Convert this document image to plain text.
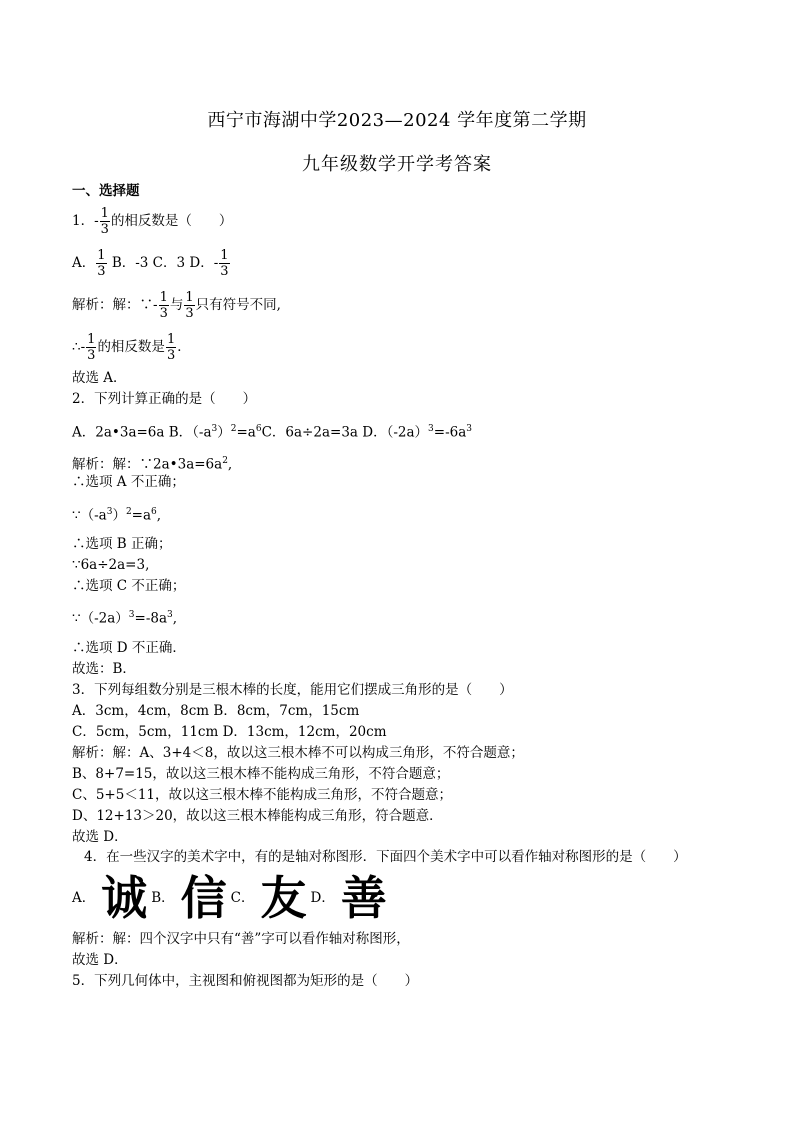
西宁市海湖中学2023—2024 学年度第二学期
九年级数学开学考答案
一、选择题
1．- $\frac{1}{3}$ 的相反数是（　　）
A． $\frac{1}{3}$ B．-3 C．3 D．- $\frac{1}{3}$
解析：解：∵- $\frac{1}{3}$ 与 $\frac{1}{3}$ 只有符号不同,
∴- $\frac{1}{3}$ 的相反数是 $\frac{1}{3}$ ．
故选 A．
2．下列计算正确的是（　　）
A．2a•3a=6a B．$(-a^3)^2=a^6C$．6a÷2a=3a D．$(-2a)^3=-6a^3$
解析：解：$\because 2a•3a=6a^2$,
∴选项 A 不正确；
$\because(-a^3)^2=a^6$,
∴选项 B 正确；
∵6a÷2a=3,
∴选项 C 不正确；
$\because(-2a)^3=-8a^3$,
∴选项 D 不正确．
故选：B．
3．下列每组数分别是三根木棒的长度，能用它们摆成三角形的是（　　）
A．3cm，4cm，8cm B．8cm，7cm，15cm
C．5cm，5cm，11cm D．13cm，12cm，20cm
解析：解：A、3+4＜8，故以这三根木棒不可以构成三角形，不符合题意；
B、8+7=15，故以这三根木棒不能构成三角形，不符合题意；
C、5+5＜11，故以这三根木棒不能构成三角形，不符合题意；
D、12+13＞20，故以这三根木棒能构成三角形，符合题意．
故选 D．
4．在一些汉字的美术字中，有的是轴对称图形．下面四个美术字中可以看作轴对称图形的是（　　）
A． 诚 B． 信 C． 友 D． 善
解析：解：四个汉字中只有“善”字可以看作轴对称图形，
故选 D．
5．下列几何体中，主视图和俯视图都为矩形的是（　　）
